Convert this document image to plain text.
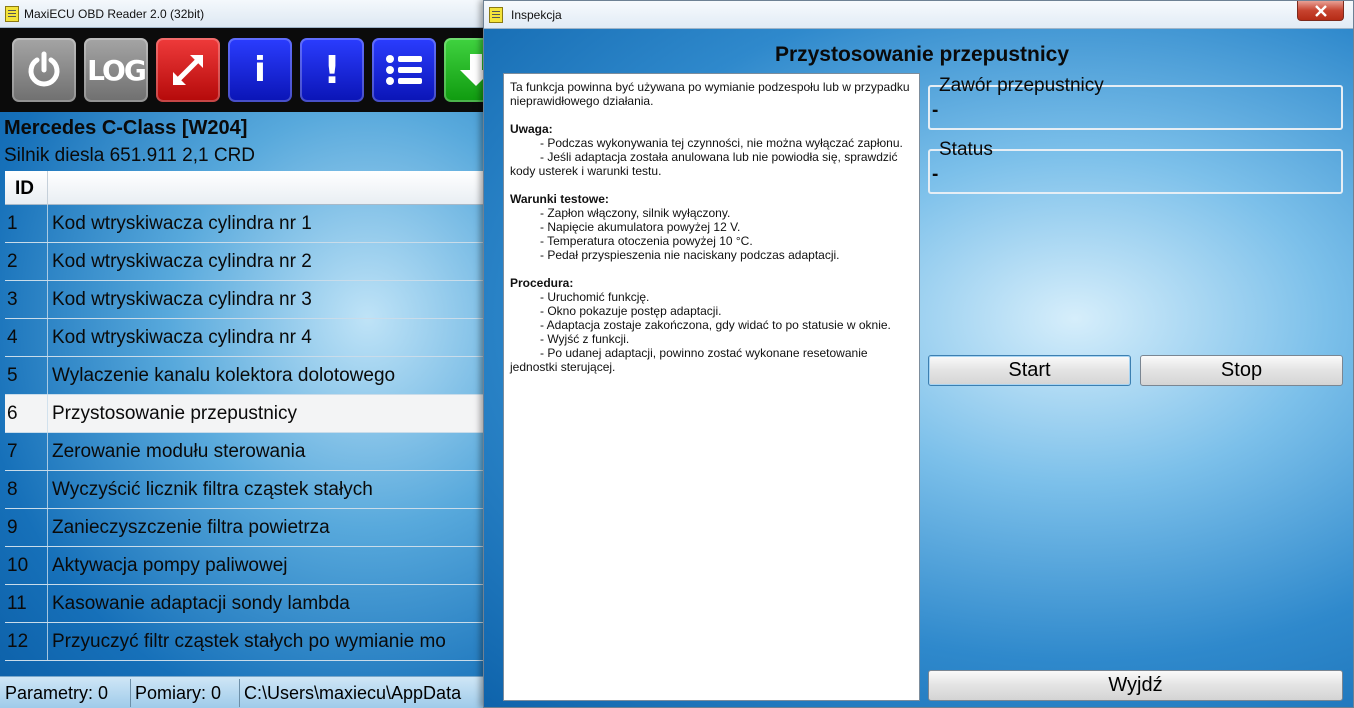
MaxiECU OBD Reader 2.0 (32bit)
LOG	i !
Mercedes C-Class [W204]
Silnik diesla 651.911 2,1 CRD
ID
1 Kod wtryskiwacza cylindra nr 1
2 Kod wtryskiwacza cylindra nr 2
3 Kod wtryskiwacza cylindra nr 3
4 Kod wtryskiwacza cylindra nr 4
5 Wylaczenie kanalu kolektora dolotowego
6 Przystosowanie przepustnicy
7 Zerowanie modułu sterowania
8 Wyczyścić licznik filtra cząstek stałych
9 Zanieczyszczenie filtra powietrza
10 Aktywacja pompy paliwowej
11 Kasowanie adaptacji sondy lambda
12 Przyuczyć filtr cząstek stałych po wymianie mo
Parametry: 0 Pomiary: 0 C:\Users\maxiecu\AppData
Inspekcja
Przystosowanie przepustnicy

Ta funkcja powinna być używana po wymianie podzespołu lub w przypadku nieprawidłowego działania.

Uwaga:

- Podczas wykonywania tej czynności, nie można wyłączać zapłonu.

- Jeśli adaptacja została anulowana lub nie powiodła się, sprawdzić kody usterek i warunki testu.

Warunki testowe:

- Zapłon włączony, silnik wyłączony.

- Napięcie akumulatora powyżej 12 V.

- Temperatura otoczenia powyżej 10 °C.

- Pedał przyspieszenia nie naciskany podczas adaptacji.

Procedura:

- Uruchomić funkcję.

- Okno pokazuje postęp adaptacji.

- Adaptacja zostaje zakończona, gdy widać to po statusie w oknie.

- Wyjść z funkcji.

- Po udanej adaptacji, powinno zostać wykonane resetowanie jednostki sterującej.

Zawór przepustnicy
-
Status
-
Start	Stop
Wyjdź
